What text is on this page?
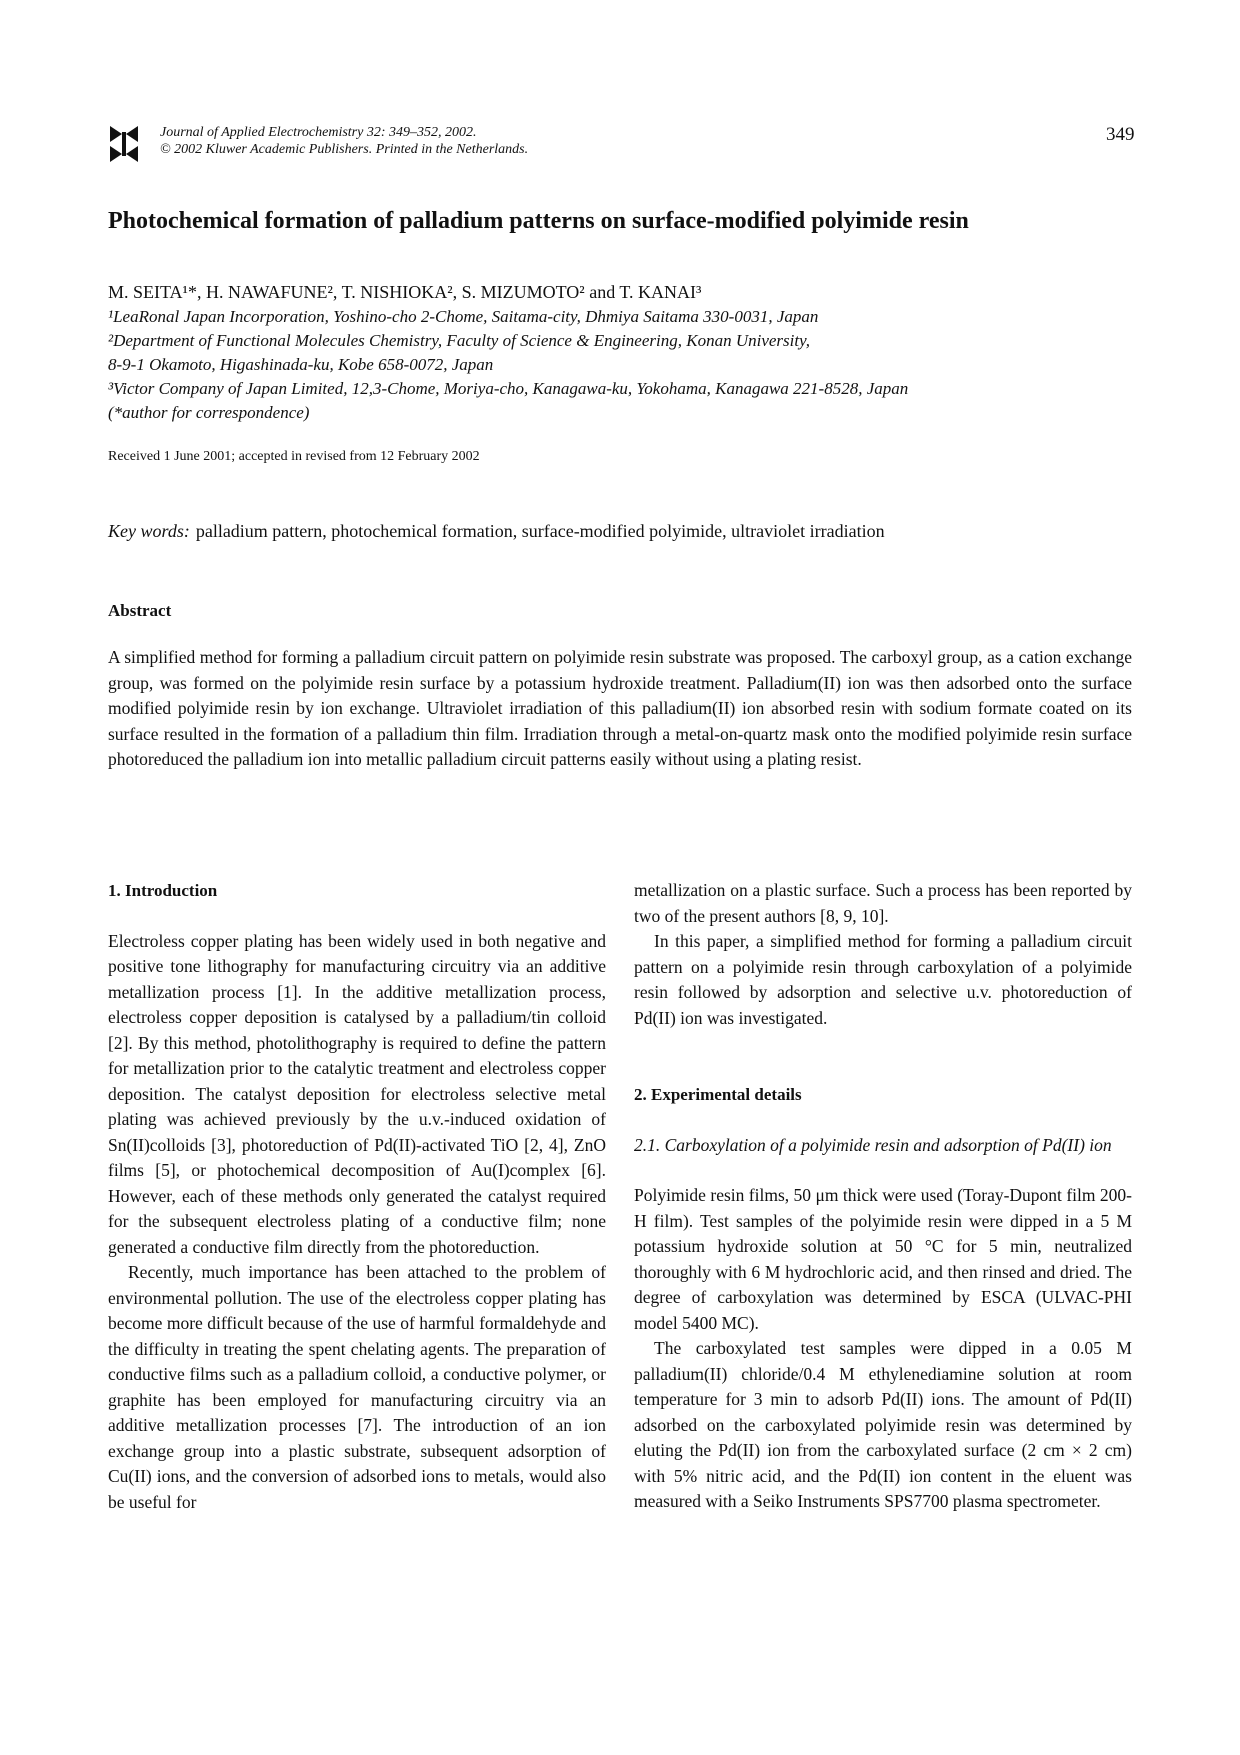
Journal of Applied Electrochemistry 32: 349–352, 2002.
© 2002 Kluwer Academic Publishers. Printed in the Netherlands.
349
Photochemical formation of palladium patterns on surface-modified polyimide resin
M. SEITA¹*, H. NAWAFUNE², T. NISHIOKA², S. MIZUMOTO² and T. KANAI³
¹LeaRonal Japan Incorporation, Yoshino-cho 2-Chome, Saitama-city, Dhmiya Saitama 330-0031, Japan
²Department of Functional Molecules Chemistry, Faculty of Science & Engineering, Konan University,
8-9-1 Okamoto, Higashinada-ku, Kobe 658-0072, Japan
³Victor Company of Japan Limited, 12,3-Chome, Moriya-cho, Kanagawa-ku, Yokohama, Kanagawa 221-8528, Japan
(*author for correspondence)
Received 1 June 2001; accepted in revised from 12 February 2002
Key words: palladium pattern, photochemical formation, surface-modified polyimide, ultraviolet irradiation
Abstract
A simplified method for forming a palladium circuit pattern on polyimide resin substrate was proposed. The carboxyl group, as a cation exchange group, was formed on the polyimide resin surface by a potassium hydroxide treatment. Palladium(II) ion was then adsorbed onto the surface modified polyimide resin by ion exchange. Ultraviolet irradiation of this palladium(II) ion absorbed resin with sodium formate coated on its surface resulted in the formation of a palladium thin film. Irradiation through a metal-on-quartz mask onto the modified polyimide resin surface photoreduced the palladium ion into metallic palladium circuit patterns easily without using a plating resist.
1. Introduction

Electroless copper plating has been widely used in both negative and positive tone lithography for manufacturing circuitry via an additive metallization process [1]. In the additive metallization process, electroless copper deposition is catalysed by a palladium/tin colloid [2]. By this method, photolithography is required to define the pattern for metallization prior to the catalytic treatment and electroless copper deposition. The catalyst deposition for electroless selective metal plating was achieved previously by the u.v.-induced oxidation of Sn(II)colloids [3], photoreduction of Pd(II)-activated TiO [2, 4], ZnO films [5], or photochemical decomposition of Au(I)complex [6]. However, each of these methods only generated the catalyst required for the subsequent electroless plating of a conductive film; none generated a conductive film directly from the photoreduction.

Recently, much importance has been attached to the problem of environmental pollution. The use of the electroless copper plating has become more difficult because of the use of harmful formaldehyde and the difficulty in treating the spent chelating agents. The preparation of conductive films such as a palladium colloid, a conductive polymer, or graphite has been employed for manufacturing circuitry via an additive metallization processes [7]. The introduction of an ion exchange group into a plastic substrate, subsequent adsorption of Cu(II) ions, and the conversion of adsorbed ions to metals, would also be useful for

metallization on a plastic surface. Such a process has been reported by two of the present authors [8, 9, 10].

In this paper, a simplified method for forming a palladium circuit pattern on a polyimide resin through carboxylation of a polyimide resin followed by adsorption and selective u.v. photoreduction of Pd(II) ion was investigated.

2. Experimental details

2.1. Carboxylation of a polyimide resin and adsorption of Pd(II) ion

Polyimide resin films, 50 μm thick were used (Toray-Dupont film 200-H film). Test samples of the polyimide resin were dipped in a 5 M potassium hydroxide solution at 50 °C for 5 min, neutralized thoroughly with 6 M hydrochloric acid, and then rinsed and dried. The degree of carboxylation was determined by ESCA (ULVAC-PHI model 5400 MC).

The carboxylated test samples were dipped in a 0.05 M palladium(II) chloride/0.4 M ethylenediamine solution at room temperature for 3 min to adsorb Pd(II) ions. The amount of Pd(II) adsorbed on the carboxylated polyimide resin was determined by eluting the Pd(II) ion from the carboxylated surface (2 cm × 2 cm) with 5% nitric acid, and the Pd(II) ion content in the eluent was measured with a Seiko Instruments SPS7700 plasma spectrometer.
